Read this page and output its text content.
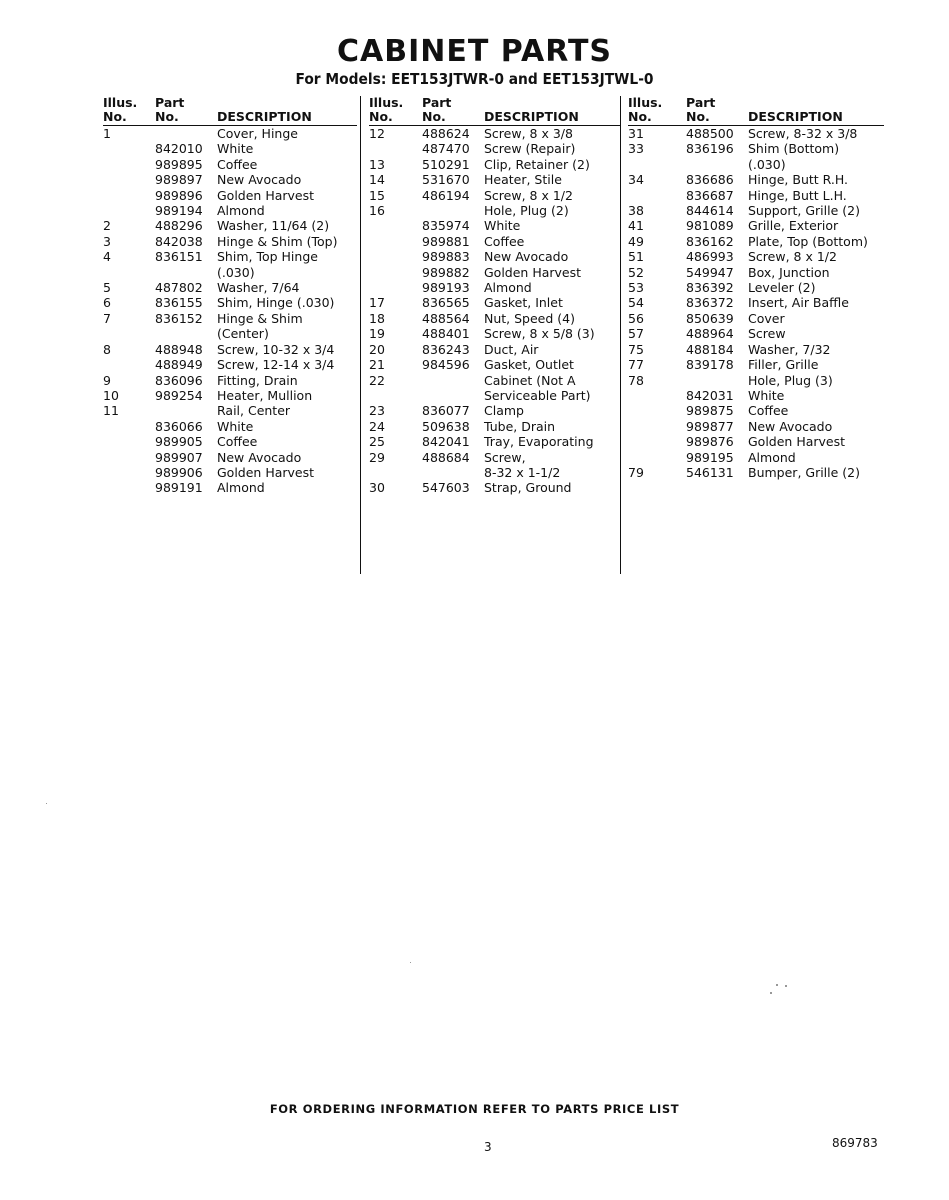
CABINET PARTS
For Models: EET153JTWR-0 and EET153JTWL-0
Illus.
No.	Part
No.	DESCRIPTION
1		Cover, Hinge
	842010	White
	989895	Coffee
	989897	New Avocado
	989896	Golden Harvest
	989194	Almond
2	488296	Washer, 11/64 (2)
3	842038	Hinge & Shim (Top)
4	836151	Shim, Top Hinge
		(.030)
5	487802	Washer, 7/64
6	836155	Shim, Hinge (.030)
7	836152	Hinge & Shim
		(Center)
8	488948	Screw, 10-32 x 3/4
	488949	Screw, 12-14 x 3/4
9	836096	Fitting, Drain
10	989254	Heater, Mullion
11		Rail, Center
	836066	White
	989905	Coffee
	989907	New Avocado
	989906	Golden Harvest
	989191	Almond
Illus.
No.	Part
No.	DESCRIPTION
12	488624	Screw, 8 x 3/8
	487470	Screw (Repair)
13	510291	Clip, Retainer (2)
14	531670	Heater, Stile
15	486194	Screw, 8 x 1/2
16		Hole, Plug (2)
	835974	White
	989881	Coffee
	989883	New Avocado
	989882	Golden Harvest
	989193	Almond
17	836565	Gasket, Inlet
18	488564	Nut, Speed (4)
19	488401	Screw, 8 x 5/8 (3)
20	836243	Duct, Air
21	984596	Gasket, Outlet
22		Cabinet (Not A
		Serviceable Part)
23	836077	Clamp
24	509638	Tube, Drain
25	842041	Tray, Evaporating
29	488684	Screw,
		8-32 x 1-1/2
30	547603	Strap, Ground
Illus.
No.	Part
No.	DESCRIPTION
31	488500	Screw, 8-32 x 3/8
33	836196	Shim (Bottom)
		(.030)
34	836686	Hinge, Butt R.H.
	836687	Hinge, Butt L.H.
38	844614	Support, Grille (2)
41	981089	Grille, Exterior
49	836162	Plate, Top (Bottom)
51	486993	Screw, 8 x 1/2
52	549947	Box, Junction
53	836392	Leveler (2)
54	836372	Insert, Air Baffle
56	850639	Cover
57	488964	Screw
75	488184	Washer, 7/32
77	839178	Filler, Grille
78		Hole, Plug (3)
	842031	White
	989875	Coffee
	989877	New Avocado
	989876	Golden Harvest
	989195	Almond
79	546131	Bumper, Grille (2)
FOR ORDERING INFORMATION REFER TO PARTS PRICE LIST
3	869783
